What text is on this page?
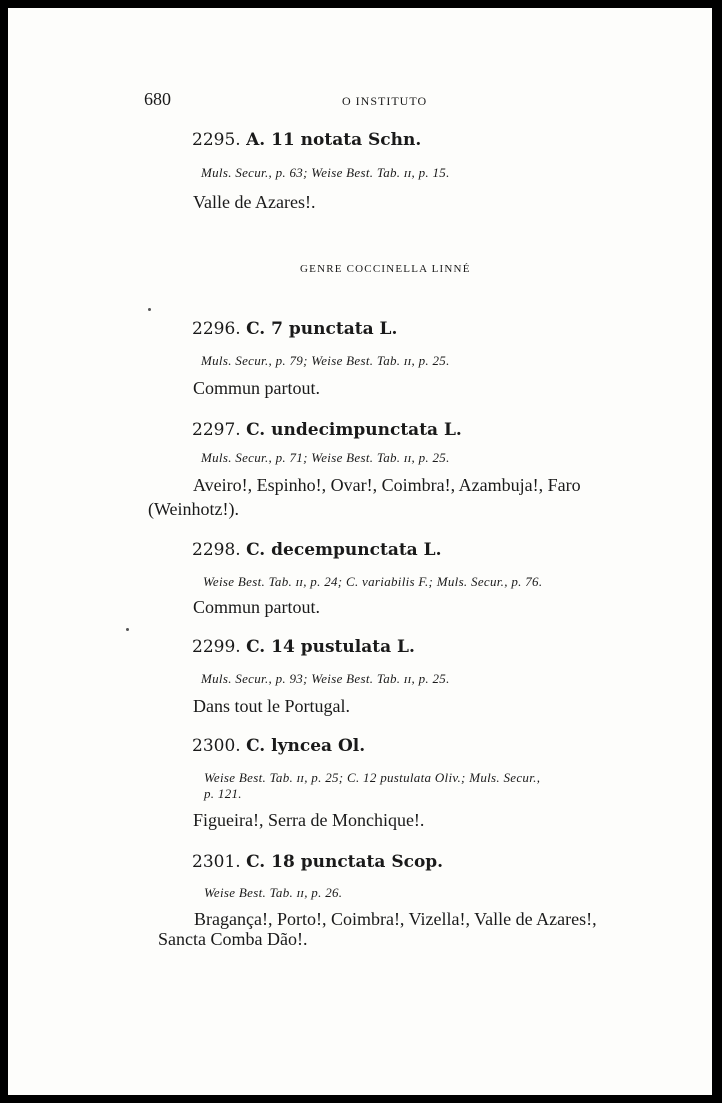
680	O INSTITUTO
2295. A. 11 notata Schn.
Muls. Secur., p. 63; Weise Best. Tab. ɪɪ, p. 15.
Valle de Azares!.
GENRE COCCINELLA LINNÉ
2296. C. 7 punctata L.
Muls. Secur., p. 79; Weise Best. Tab. ɪɪ, p. 25.
Commun partout.
2297. C. undecimpunctata L.
Muls. Secur., p. 71; Weise Best. Tab. ɪɪ, p. 25.
Aveiro!, Espinho!, Ovar!, Coimbra!, Azambuja!, Faro
(Weinhotz!).
2298. C. decempunctata L.
Weise Best. Tab. ɪɪ, p. 24; C. variabilis F.; Muls. Secur., p. 76.
Commun partout.
2299. C. 14 pustulata L.
Muls. Secur., p. 93; Weise Best. Tab. ɪɪ, p. 25.
Dans tout le Portugal.
2300. C. lyncea Ol.
Weise Best. Tab. ɪɪ, p. 25; C. 12 pustulata Oliv.; Muls. Secur.,
p. 121.
Figueira!, Serra de Monchique!.
2301. C. 18 punctata Scop.
Weise Best. Tab. ɪɪ, p. 26.
Bragança!, Porto!, Coimbra!, Vizella!, Valle de Azares!,
Sancta Comba Dão!.
